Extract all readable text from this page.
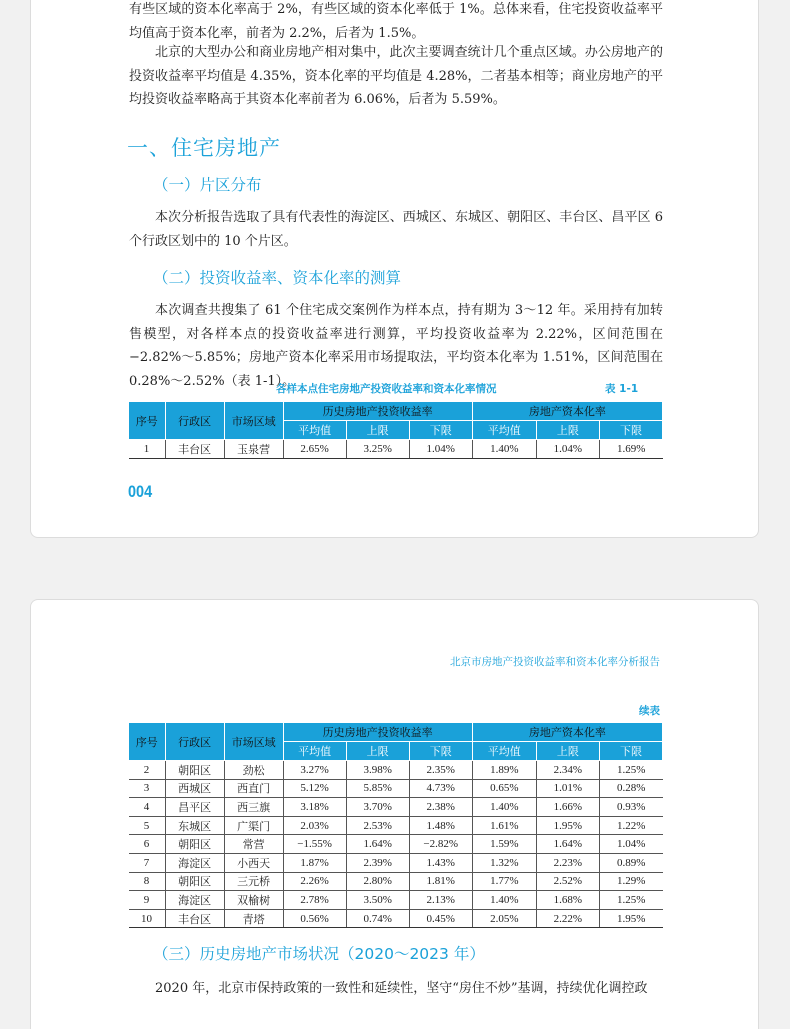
有些区域的资本化率高于 2%，有些区域的资本化率低于 1%。总体来看，住宅投资收益率平均值高于资本化率，前者为 2.2%，后者为 1.5%。

北京的大型办公和商业房地产相对集中，此次主要调查统计几个重点区域。办公房地产的投资收益率平均值是 4.35%，资本化率的平均值是 4.28%，二者基本相等；商业房地产的平均投资收益率略高于其资本化率前者为 6.06%，后者为 5.59%。

一、住宅房地产
（一）片区分布

本次分析报告选取了具有代表性的海淀区、西城区、东城区、朝阳区、丰台区、昌平区 6 个行政区划中的 10 个片区。

（二）投资收益率、资本化率的测算

本次调查共搜集了 61 个住宅成交案例作为样本点，持有期为 3～12 年。采用持有加转售模型，对各样本点的投资收益率进行测算，平均投资收益率为 2.22%，区间范围在−2.82%～5.85%；房地产资本化率采用市场提取法，平均资本化率为 1.51%，区间范围在 0.28%～2.52%（表 1-1）。

各样本点住宅房地产投资收益率和资本化率情况	表 1-1
序号	行政区	市场区域	历史房地产投资收益率			房地产资本化率		
			平均值	上限	下限	平均值	上限	下限
1	丰台区	玉泉营	2.65%	3.25%	1.04%	1.40%	1.04%	1.69%
004
北京市房地产投资收益率和资本化率分析报告
续表
序号	行政区	市场区域	历史房地产投资收益率			房地产资本化率		
			平均值	上限	下限	平均值	上限	下限
2	朝阳区	劲松	3.27%	3.98%	2.35%	1.89%	2.34%	1.25%
3	西城区	西直门	5.12%	5.85%	4.73%	0.65%	1.01%	0.28%
4	昌平区	西三旗	3.18%	3.70%	2.38%	1.40%	1.66%	0.93%
5	东城区	广渠门	2.03%	2.53%	1.48%	1.61%	1.95%	1.22%
6	朝阳区	常营	−1.55%	1.64%	−2.82%	1.59%	1.64%	1.04%
7	海淀区	小西天	1.87%	2.39%	1.43%	1.32%	2.23%	0.89%
8	朝阳区	三元桥	2.26%	2.80%	1.81%	1.77%	2.52%	1.29%
9	海淀区	双榆树	2.78%	3.50%	2.13%	1.40%	1.68%	1.25%
10	丰台区	青塔	0.56%	0.74%	0.45%	2.05%	2.22%	1.95%
（三）历史房地产市场状况（2020～2023 年）

2020 年，北京市保持政策的一致性和延续性，坚守“房住不炒”基调，持续优化调控政
